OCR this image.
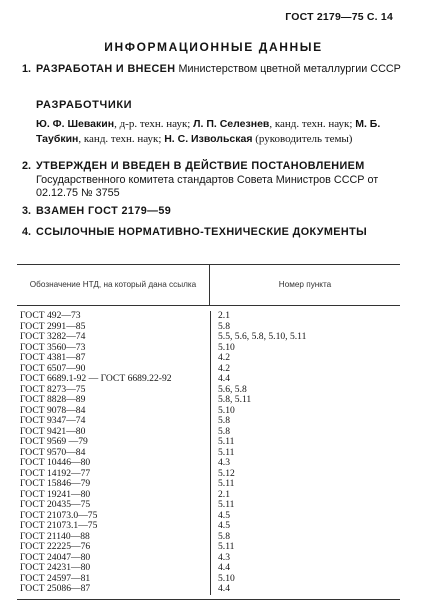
ГОСТ 2179—75 С. 14
ИНФОРМАЦИОННЫЕ ДАННЫЕ
1. РАЗРАБОТАН И ВНЕСЕН Министерством цветной металлургии СССР
РАЗРАБОТЧИКИ
Ю. Ф. Шевакин, д-р. техн. наук; Л. П. Селезнев, канд. техн. наук; М. Б. Таубкин, канд. техн. наук; Н. С. Извольская (руководитель темы)
2. УТВЕРЖДЕН И ВВЕДЕН В ДЕЙСТВИЕ ПОСТАНОВЛЕНИЕМ Государственного комитета стандартов Совета Министров СССР от 02.12.75 № 3755
3. ВЗАМЕН ГОСТ 2179—59
4. ССЫЛОЧНЫЕ НОРМАТИВНО-ТЕХНИЧЕСКИЕ ДОКУМЕНТЫ
Обозначение НТД, на который дана ссылка	Номер пункта
ГОСТ 492—73
ГОСТ 2991—85
ГОСТ 3282—74
ГОСТ 3560—73
ГОСТ 4381—87
ГОСТ 6507—90
ГОСТ 6689.1-92 — ГОСТ 6689.22-92
ГОСТ 8273—75
ГОСТ 8828—89
ГОСТ 9078—84
ГОСТ 9347—74
ГОСТ 9421—80
ГОСТ 9569 —79
ГОСТ 9570—84
ГОСТ 10446—80
ГОСТ 14192—77
ГОСТ 15846—79
ГОСТ 19241—80
ГОСТ 20435—75
ГОСТ 21073.0—75
ГОСТ 21073.1—75
ГОСТ 21140—88
ГОСТ 22225—76
ГОСТ 24047—80
ГОСТ 24231—80
ГОСТ 24597—81
ГОСТ 25086—87
2.1
5.8
5.5, 5.6, 5.8, 5.10, 5.11
5.10
4.2
4.2
4.4
5.6, 5.8
5.8, 5.11
5.10
5.8
5.8
5.11
5.11
4.3
5.12
5.11
2.1
5.11
4.5
4.5
5.8
5.11
4.3
4.4
5.10
4.4
